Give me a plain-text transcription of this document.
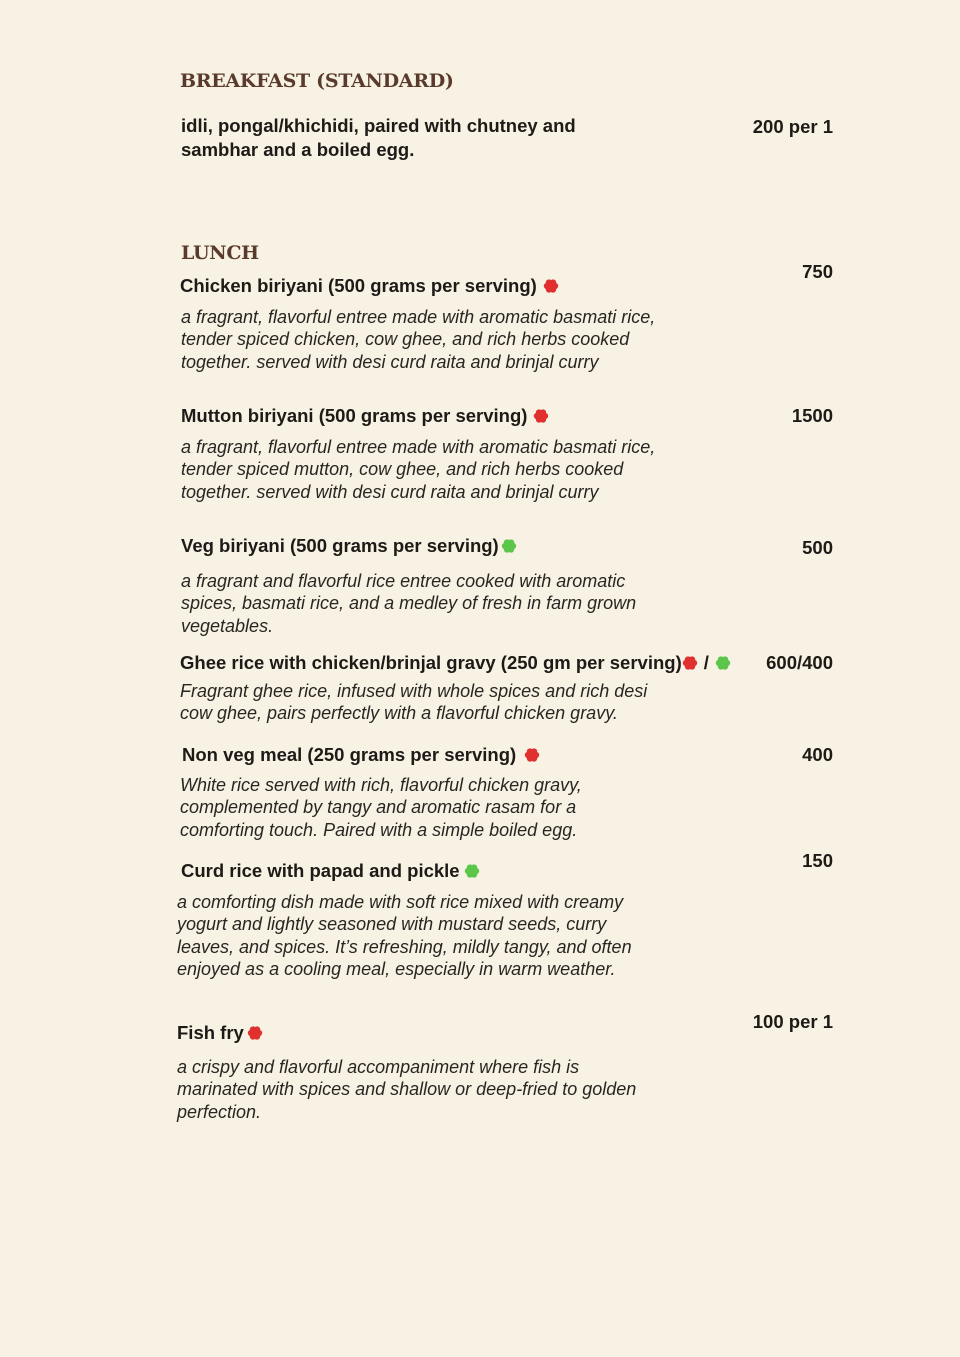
BREAKFAST (STANDARD)
idli, pongal/khichidi, paired with chutney and
sambhar and a boiled egg.
200 per 1
LUNCH
Chicken biriyani (500 grams per serving)
750
a fragrant, flavorful entree made with aromatic basmati rice,
tender spiced chicken, cow ghee, and rich herbs cooked
together. served with desi curd raita and brinjal curry
Mutton biriyani (500 grams per serving)	1500
a fragrant, flavorful entree made with aromatic basmati rice,
tender spiced mutton, cow ghee, and rich herbs cooked
together. served with desi curd raita and brinjal curry
Veg biriyani (500 grams per serving)	500
a fragrant and flavorful rice entree cooked with aromatic
spices, basmati rice, and a medley of fresh in farm grown
vegetables.
Ghee rice with chicken/brinjal gravy (250 gm per serving) /	600/400
Fragrant ghee rice, infused with whole spices and rich desi
cow ghee, pairs perfectly with a flavorful chicken gravy.
Non veg meal (250 grams per serving)	400
White rice served with rich, flavorful chicken gravy,
complemented by tangy and aromatic rasam for a
comforting touch. Paired with a simple boiled egg.
Curd rice with papad and pickle	150
a comforting dish made with soft rice mixed with creamy
yogurt and lightly seasoned with mustard seeds, curry
leaves, and spices. It’s refreshing, mildly tangy, and often
enjoyed as a cooling meal, especially in warm weather.
Fish fry
100 per 1
a crispy and flavorful accompaniment where fish is
marinated with spices and shallow or deep-fried to golden
perfection.
